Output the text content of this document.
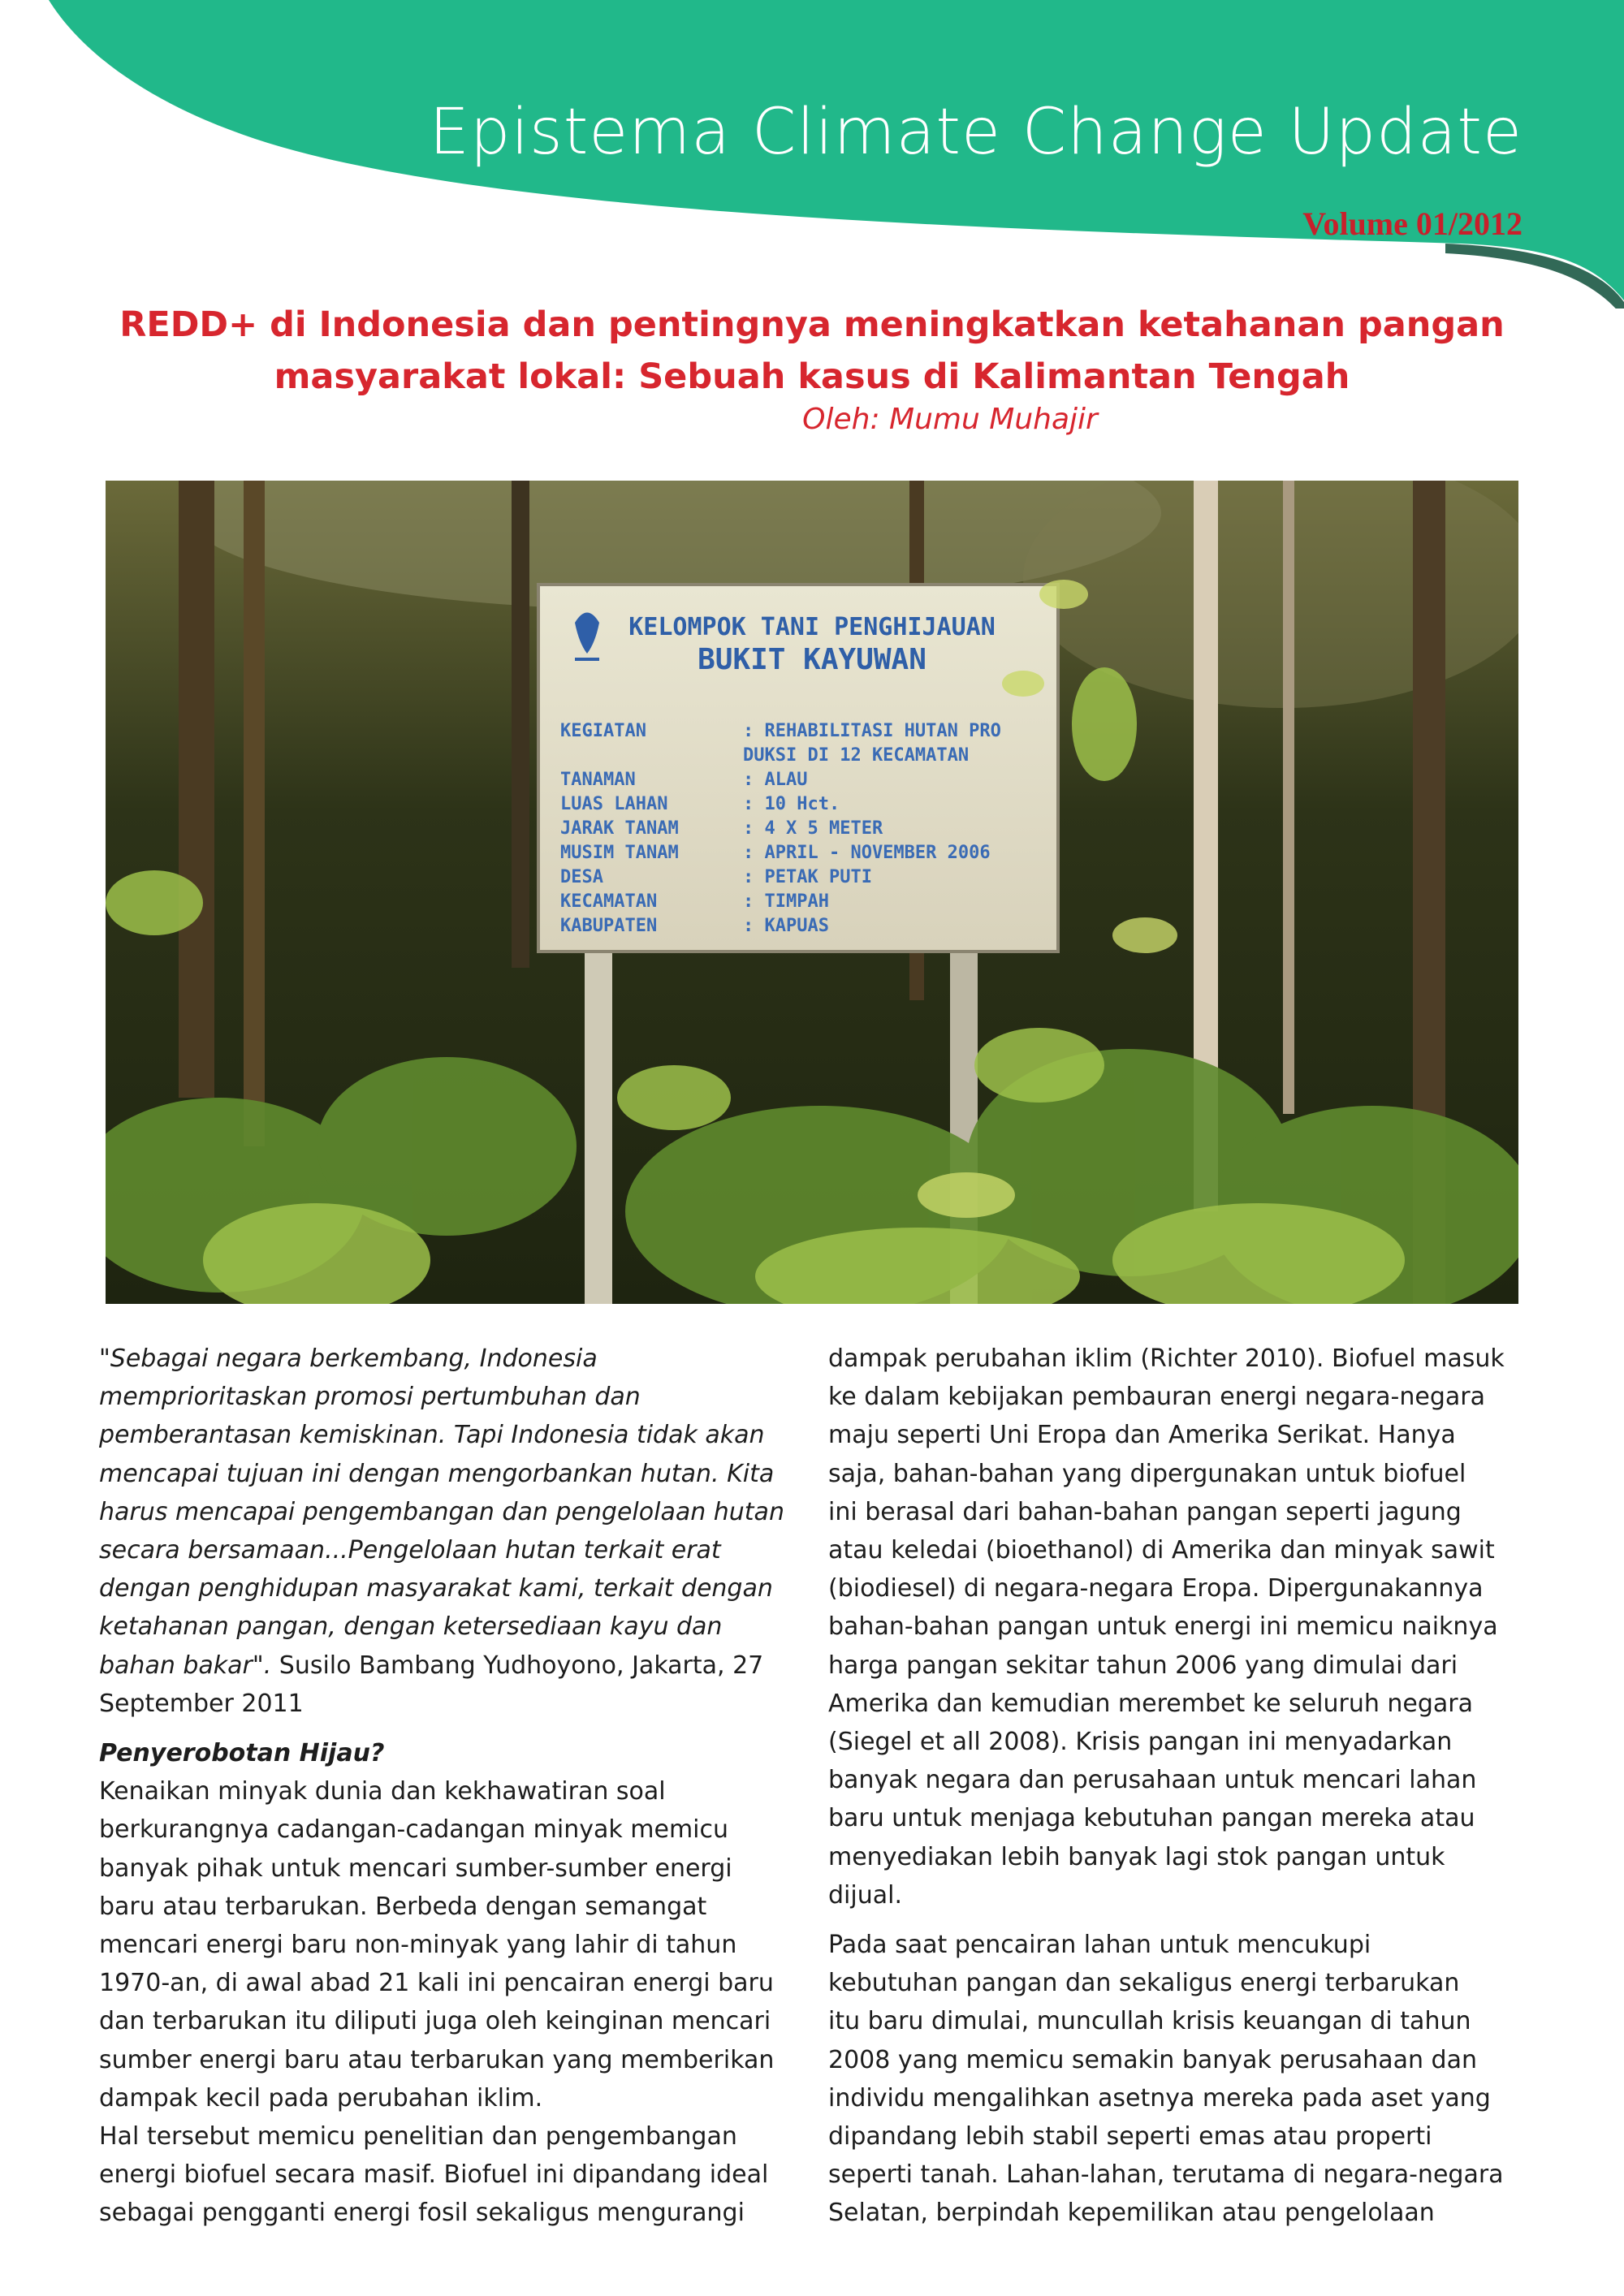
Epistema Climate Change Update
Volume 01/2012
REDD+ di Indonesia dan pentingnya meningkatkan ketahanan pangan
masyarakat lokal: Sebuah kasus di Kalimantan Tengah
Oleh: Mumu Muhajir
KELOMPOK TANI PENGHIJAUAN
BUKIT KAYUWAN
KEGIATAN	: REHABILITASI HUTAN PRO
DUKSI DI 12 KECAMATAN
TANAMAN	: ALAU
LUAS LAHAN	: 10 Hct.
JARAK TANAM	: 4 X 5 METER
MUSIM TANAM	: APRIL - NOVEMBER 2006
DESA	: PETAK PUTI
KECAMATAN	: TIMPAH
KABUPATEN	: KAPUAS

"Sebagai negara berkembang, Indonesia

memprioritaskan promosi pertumbuhan dan

pemberantasan kemiskinan. Tapi Indonesia tidak akan

mencapai tujuan ini dengan mengorbankan hutan. Kita

harus mencapai pengembangan dan pengelolaan hutan

secara bersamaan...Pengelolaan hutan terkait erat

dengan penghidupan masyarakat kami, terkait dengan

ketahanan pangan, dengan ketersediaan kayu dan

bahan bakar". Susilo Bambang Yudhoyono, Jakarta, 27

September 2011

Penyerobotan Hijau?

Kenaikan minyak dunia dan kekhawatiran soal

berkurangnya cadangan-cadangan minyak memicu

banyak pihak untuk mencari sumber-sumber energi

baru atau terbarukan. Berbeda dengan semangat

mencari energi baru non-minyak yang lahir di tahun

1970-an, di awal abad 21 kali ini pencairan energi baru

dan terbarukan itu diliputi juga oleh keinginan mencari

sumber energi baru atau terbarukan yang memberikan

dampak kecil pada perubahan iklim.

Hal tersebut memicu penelitian dan pengembangan

energi biofuel secara masif. Biofuel ini dipandang ideal

sebagai pengganti energi fosil sekaligus mengurangi

dampak perubahan iklim (Richter 2010). Biofuel masuk

ke dalam kebijakan pembauran energi negara-negara

maju seperti Uni Eropa dan Amerika Serikat. Hanya

saja, bahan-bahan yang dipergunakan untuk biofuel

ini berasal dari bahan-bahan pangan seperti jagung

atau keledai (bioethanol) di Amerika dan minyak sawit

(biodiesel) di negara-negara Eropa. Dipergunakannya

bahan-bahan pangan untuk energi ini memicu naiknya

harga pangan sekitar tahun 2006 yang dimulai dari

Amerika dan kemudian merembet ke seluruh negara

(Siegel et all 2008). Krisis pangan ini menyadarkan

banyak negara dan perusahaan untuk mencari lahan

baru untuk menjaga kebutuhan pangan mereka atau

menyediakan lebih banyak lagi stok pangan untuk

dijual.

Pada saat pencairan lahan untuk mencukupi

kebutuhan pangan dan sekaligus energi terbarukan

itu baru dimulai, muncullah krisis keuangan di tahun

2008 yang memicu semakin banyak perusahaan dan

individu mengalihkan asetnya mereka pada aset yang

dipandang lebih stabil seperti emas atau properti

seperti tanah. Lahan-lahan, terutama di negara-negara

Selatan, berpindah kepemilikan atau pengelolaan
